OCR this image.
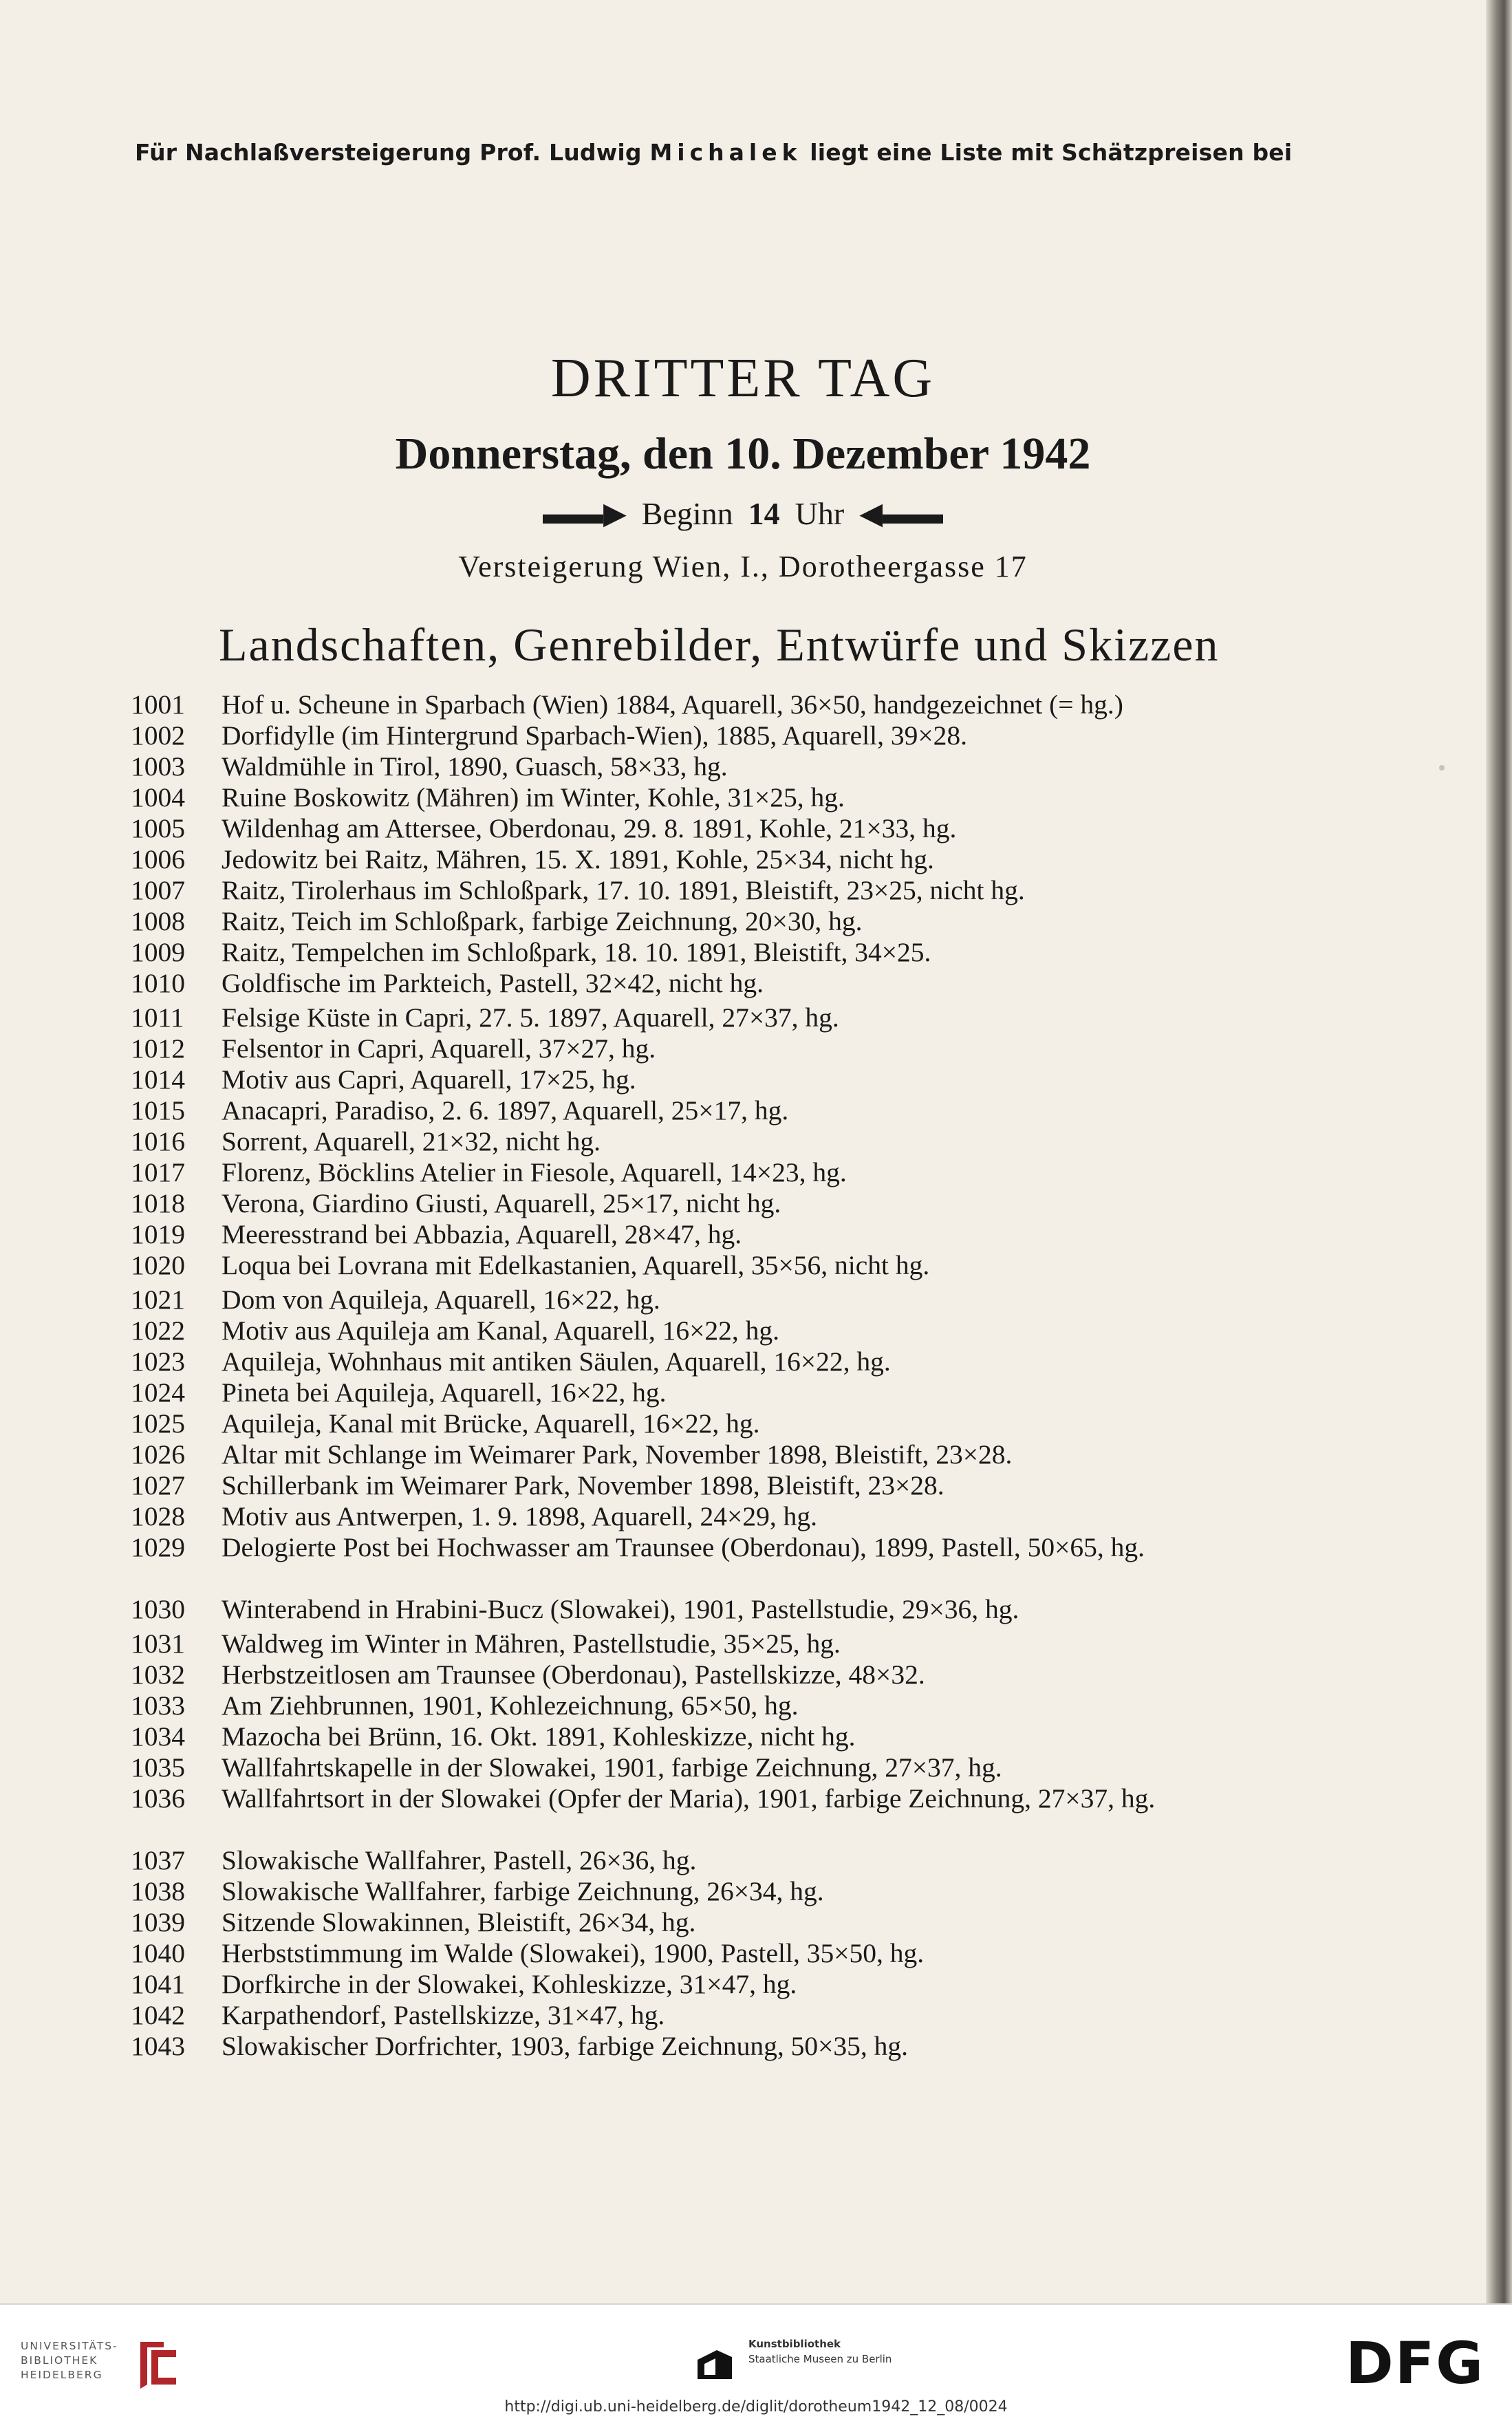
Für Nachlaßversteigerung Prof. Ludwig Michalek liegt eine Liste mit Schätzpreisen bei
DRITTER TAG
Donnerstag, den 10. Dezember 1942
▬▬▶ Beginn 14 Uhr ◀▬▬
Versteigerung Wien, I., Dorotheergasse 17
Landschaften, Genrebilder, Entwürfe und Skizzen
1001 Hof u. Scheune in Sparbach (Wien) 1884, Aquarell, 36×50, handgezeichnet (= hg.)
1002 Dorfidylle (im Hintergrund Sparbach-Wien), 1885, Aquarell, 39×28.
1003 Waldmühle in Tirol, 1890, Guasch, 58×33, hg.
1004 Ruine Boskowitz (Mähren) im Winter, Kohle, 31×25, hg.
1005 Wildenhag am Attersee, Oberdonau, 29. 8. 1891, Kohle, 21×33, hg.
1006 Jedowitz bei Raitz, Mähren, 15. X. 1891, Kohle, 25×34, nicht hg.
1007 Raitz, Tirolerhaus im Schloßpark, 17. 10. 1891, Bleistift, 23×25, nicht hg.
1008 Raitz, Teich im Schloßpark, farbige Zeichnung, 20×30, hg.
1009 Raitz, Tempelchen im Schloßpark, 18. 10. 1891, Bleistift, 34×25.
1010 Goldfische im Parkteich, Pastell, 32×42, nicht hg.
1011	Felsige Küste in Capri, 27. 5. 1897, Aquarell, 27×37, hg.
1012 Felsentor in Capri, Aquarell, 37×27, hg.
1014 Motiv aus Capri, Aquarell, 17×25, hg.
1015 Anacapri, Paradiso, 2. 6. 1897, Aquarell, 25×17, hg.
1016 Sorrent, Aquarell, 21×32, nicht hg.
1017 Florenz, Böcklins Atelier in Fiesole, Aquarell, 14×23, hg.
1018 Verona, Giardino Giusti, Aquarell, 25×17, nicht hg.
1019 Meeresstrand bei Abbazia, Aquarell, 28×47, hg.
1020 Loqua bei Lovrana mit Edelkastanien, Aquarell, 35×56, nicht hg.
1021 Dom von Aquileja, Aquarell, 16×22, hg.
1022 Motiv aus Aquileja am Kanal, Aquarell, 16×22, hg.
1023 Aquileja, Wohnhaus mit antiken Säulen, Aquarell, 16×22, hg.
1024 Pineta bei Aquileja, Aquarell, 16×22, hg.
1025 Aquileja, Kanal mit Brücke, Aquarell, 16×22, hg.
1026 Altar mit Schlange im Weimarer Park, November 1898, Bleistift, 23×28.
1027 Schillerbank im Weimarer Park, November 1898, Bleistift, 23×28.
1028 Motiv aus Antwerpen, 1. 9. 1898, Aquarell, 24×29, hg.
1029 Delogierte Post bei Hochwasser am Traunsee (Oberdonau), 1899, Pastell, 50×65, hg.
1030 Winterabend in Hrabini-Bucz (Slowakei), 1901, Pastellstudie, 29×36, hg.
1031 Waldweg im Winter in Mähren, Pastellstudie, 35×25, hg.
1032 Herbstzeitlosen am Traunsee (Oberdonau), Pastellskizze, 48×32.
1033 Am Ziehbrunnen, 1901, Kohlezeichnung, 65×50, hg.
1034 Mazocha bei Brünn, 16. Okt. 1891, Kohleskizze, nicht hg.
1035 Wallfahrtskapelle in der Slowakei, 1901, farbige Zeichnung, 27×37, hg.
1036 Wallfahrtsort in der Slowakei (Opfer der Maria), 1901, farbige Zeichnung, 27×37, hg.
1037 Slowakische Wallfahrer, Pastell, 26×36, hg.
1038 Slowakische Wallfahrer, farbige Zeichnung, 26×34, hg.
1039 Sitzende Slowakinnen, Bleistift, 26×34, hg.
1040 Herbststimmung im Walde (Slowakei), 1900, Pastell, 35×50, hg.
1041 Dorfkirche in der Slowakei, Kohleskizze, 31×47, hg.
1042 Karpathendorf, Pastellskizze, 31×47, hg.
1043 Slowakischer Dorfrichter, 1903, farbige Zeichnung, 50×35, hg.
UNIVERSITÄTS-
BIBLIOTHEK
HEIDELBERG
Kunstbibliothek
Staatliche Museen zu Berlin	DFG
http://digi.ub.uni-heidelberg.de/diglit/dorotheum1942_12_08/0024
